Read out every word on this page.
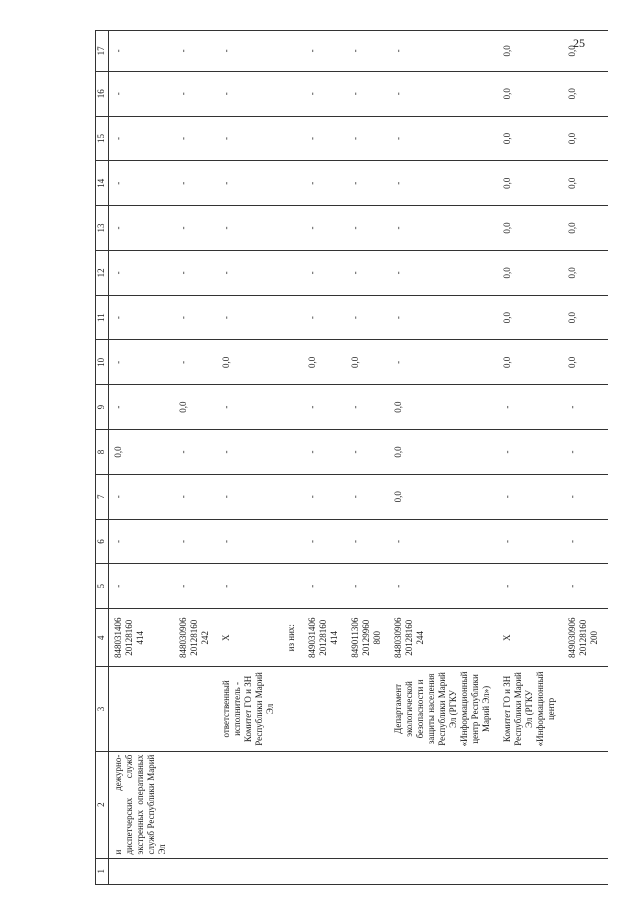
25
1	2	3	4	5	6	7	8	9	10	11	12	13	14	15	16	17
	и дежурно-диспетчерских служб экстренных оперативных служб Республики Марий Эл		848031406 20128160 414	-	-	-	0,0	-	-	-	-	-	-	-	-	-

			848030906 20128160 242	-	-	-	-	0,0	-	-	-	-	-	-	-	-

		ответственный исполнитель - Комитет ГО и ЗН Республики Марий Эл	Х	-	-	-	-	-	0,0	-	-	-	-	-	-	-

			из них:													

			849031406 20128160 414	-	-	-	-	-	0,0	-	-	-	-	-	-	-

			849011306 20129960 800	-	-	-	-	-	0,0	-	-	-	-	-	-	-

		Департамент экологической безопасности и защиты населения Республики Марий Эл (РГКУ «Информационный центр Республики Марий Эл»)	848030906 20128160 244	-	-	0,0	0,0	0,0	-	-	-	-	-	-	-	-

		Комитет ГО и ЗН Республики Марий Эл (РГКУ «Информационный центр	Х	-	-	-	-	-	0,0	0,0	0,0	0,0	0,0	0,0	0,0	0,0

			849030906 20128160 200	-	-	-	-	-	0,0	0,0	0,0	0,0	0,0	0,0	0,0	0,0
